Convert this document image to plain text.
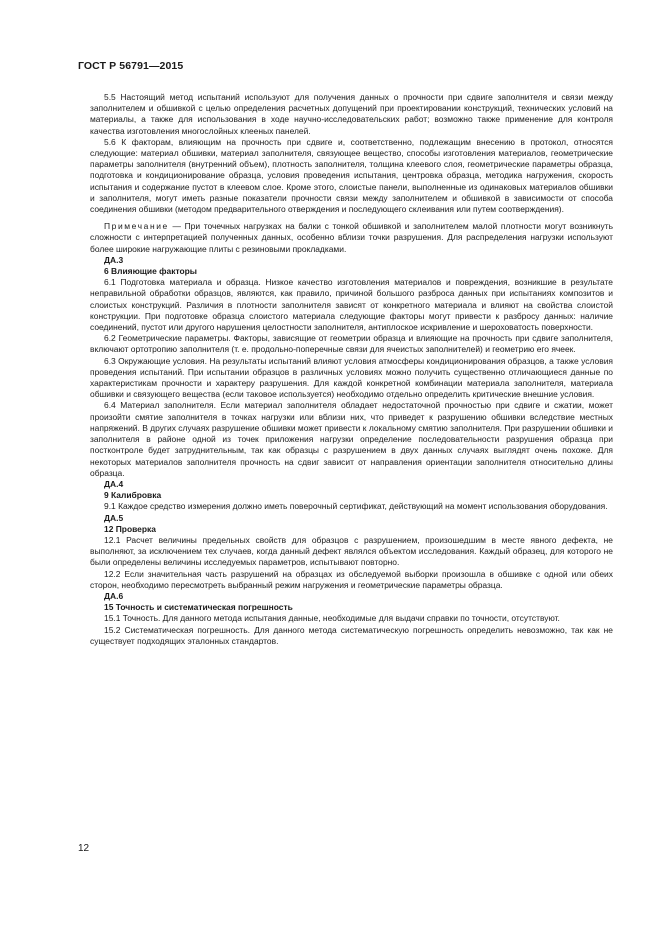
ГОСТ Р 56791—2015

5.5 Настоящий метод испытаний используют для получения данных о прочности при сдвиге заполнителя и связи между заполнителем и обшивкой с целью определения расчетных допущений при проектировании конструкций, технических условий на материалы, а также для использования в ходе научно-исследовательских работ; возможно также применение для контроля качества изготовления многослойных клееных панелей.

5.6 К факторам, влияющим на прочность при сдвиге и, соответственно, подлежащим внесению в протокол, относятся следующие: материал обшивки, материал заполнителя, связующее вещество, способы изготовления материалов, геометрические параметры заполнителя (внутренний объем), плотность заполнителя, толщина клеевого слоя, геометрические параметры образца, подготовка и кондиционирование образца, условия проведения испытания, центровка образца, методика нагружения, скорость испытания и содержание пустот в клеевом слое. Кроме этого, слоистые панели, выполненные из одинаковых материалов обшивки и заполнителя, могут иметь разные показатели прочности связи между заполнителем и обшивкой в зависимости от способа соединения обшивки (методом предварительного отверждения и последующего склеивания или путем соотверждения).

Примечание — При точечных нагрузках на балки с тонкой обшивкой и заполнителем малой плотности могут возникнуть сложности с интерпретацией полученных данных, особенно вблизи точки разрушения. Для распределения нагрузки используют более широкие нагружающие плиты с резиновыми прокладками.

ДА.3

6 Влияющие факторы

6.1 Подготовка материала и образца. Низкое качество изготовления материалов и повреждения, возникшие в результате неправильной обработки образцов, являются, как правило, причиной большого разброса данных при испытаниях композитов и слоистых конструкций. Различия в плотности заполнителя зависят от конкретного материала и влияют на свойства слоистой конструкции. При подготовке образца слоистого материала следующие факторы могут привести к разбросу данных: наличие соединений, пустот или другого нарушения целостности заполнителя, антиплоское искривление и шероховатость поверхности.

6.2 Геометрические параметры. Факторы, зависящие от геометрии образца и влияющие на прочность при сдвиге заполнителя, включают ортотропию заполнителя (т. е. продольно-поперечные связи для ячеистых заполнителей) и геометрию его ячеек.

6.3 Окружающие условия. На результаты испытаний влияют условия атмосферы кондиционирования образцов, а также условия проведения испытаний. При испытании образцов в различных условиях можно получить существенно отличающиеся данные по характеристикам прочности и характеру разрушения. Для каждой конкретной комбинации материала заполнителя, материала обшивки и связующего вещества (если таковое используется) необходимо отдельно определить критические внешние условия.

6.4 Материал заполнителя. Если материал заполнителя обладает недостаточной прочностью при сдвиге и сжатии, может произойти смятие заполнителя в точках нагрузки или вблизи них, что приведет к разрушению обшивки вследствие местных напряжений. В других случаях разрушение обшивки может привести к локальному смятию заполнителя. При разрушении обшивки и заполнителя в районе одной из точек приложения нагрузки определение последовательности разрушения образца при постконтроле будет затруднительным, так как образцы с разрушением в двух данных случаях выглядят очень похоже. Для некоторых материалов заполнителя прочность на сдвиг зависит от направления ориентации заполнителя относительно длины образца.

ДА.4

9 Калибровка

9.1 Каждое средство измерения должно иметь поверочный сертификат, действующий на момент использования оборудования.

ДА.5

12 Проверка

12.1 Расчет величины предельных свойств для образцов с разрушением, произошедшим в месте явного дефекта, не выполняют, за исключением тех случаев, когда данный дефект являлся объектом исследования. Каждый образец, для которого не были определены величины исследуемых параметров, испытывают повторно.

12.2 Если значительная часть разрушений на образцах из обследуемой выборки произошла в обшивке с одной или обеих сторон, необходимо пересмотреть выбранный режим нагружения и геометрические параметры образца.

ДА.6

15 Точность и систематическая погрешность

15.1 Точность. Для данного метода испытания данные, необходимые для выдачи справки по точности, отсутствуют.

15.2 Систематическая погрешность. Для данного метода систематическую погрешность определить невозможно, так как не существует подходящих эталонных стандартов.

12
